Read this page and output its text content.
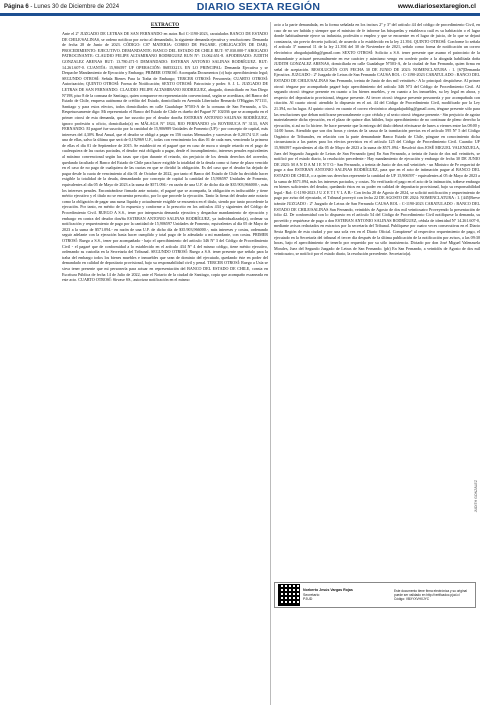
Página 6 - Lunes 30 de Diciembre de 2024	DIARIO SEXTA REGIÓN	www.diariosextaregion.cl
EXTRACTO

Ante el 2º JUZGADO DE LETRAS DE SAN FERNANDO en autos Rol C-1190-2023, caratulados BANCO DE ESTADO DE CHILE/SALINAS, se ordeno notificar por aviso al demandado, la siguiente demanda ejecutiva y resoluciones: Demanda de fecha 28 de Junio de 2023. CÓDIGO: C07 MATERIA: COBRO DE PAGARE. (OBLIGACIÓN DE DAR). PROCEDIMIENTO: EJECUTIVO. DEMANDANTE: BANCO DEL ESTADO DE CHILE RUT: 97.030.000-7 ABOGADO PATROCINANTE: CLAUDIO FELIPE ALTAMIRANO RODRIGUEZ RUN Nº: 13.062.651-8. APODERADO: JUDITH GONZALEZ ARENAS RUT: 13.780.471-5 DEMANDADO: ESTEBAN ANTONIO SALINAS RODRÍGUEZ. RUT: 14.261.607-0. CUANTÍA: 15,906597 UF OPERACIÓN: 868533213. EN LO PRINCIPAL: Demanda Ejecutiva y se Despache Mandamiento de Ejecución y Embargo; PRIMER OTROSÍ: Acompaña Documentos (o) bajo apercibimiento legal; SEGUNDO OTROSÍ: Señala Bienes Para la Traba de Embargo; TERCER OTROSÍ: Personería; CUARTO OTROSÍ: Autorización; QUINTO OTROSÍ: Forma de Notificación; SEXTO OTROSÍ: Patrocinio y poder. S. J. L. JUZGADO DE LETRAS DE SAN FERNANDO. CLAUDIO FELIPE ALTAMIRANO RODRIGUEZ, abogado, domiciliado en San Diego Nº198, piso 8 de la comuna de Santiago, quien comparece en representación convencional, según se acreditara, del Banco del Estado de Chile, empresa autónoma de crédito del Estado, domiciliado en Avenida Libertador Bernardo O'Higgins Nº1111, Santiago y para estos efectos, todos domiciliados en calle Guadalupe Nº503-A de la comuna de San Fernando, a Us. Respetuosamente digo: Mi representado el Banco del Estado de Chile es dueño del Pagaré Nº 102036 que se acompaña en el primer otrosí de esta demanda, que fue suscrito por el deudor don/ña ESTEBAN ANTONIO SALINAS RODRÍGUEZ, ignoro profesión u oficio, domiciliado(a) en MÁLAGA Nº 1824, RIO FERNANDO y/o BOYERUCA Nº 3133, SAN FERNANDO. El pagaré fue suscrito por la cantidad de 15,906989 Unidades de Fomento (UF).- por concepto de capital, más intereses del 4,30% Real Anual, que el deudor se obligó a pagar en 156 cuotas Mensuales y sucesivas de 0,20174 U.F. cada una de ellas, salvo la última que será de 0,192969 U.F., todas con vencimiento los días 01 de cada mes, venciendo la primera de ellas el día 01 de Septiembre de 2015. Se estableció en el pagaré que en caso de mora o simple retardo en el pago de cualesquiera de las cuotas pactadas, el deudor está obligado a pagar, desde el incumplimiento, intereses penales equivalentes al máximo convencional según las tasas que rijan durante el retardo, sin perjuicio de los demás derechos del acreedor, quedando facultado el Banco del Estado de Chile para hacer exigible la totalidad de la deuda como si fuese de plazo vencido en el caso de no pago de cualquiera de las cuotas en que se dividió la obligación. Es del caso que el deudor ha dejado de pagar desde la cuota de vencimiento al día 01 de Octubre de 2022, por tanto el Banco del Estado de Chile ha decidido hacer exigible la totalidad de la deuda, demandando por concepto de capital la cantidad de 15,906597 Unidades de Fomento, equivalentes al día 05 de Mayo de 2023 a la suma de $571.094.- en razón de una U.F. de dicho día de $35.903,966000.-, más los intereses penales. Encontrándose firmado ante notario, el pagaré que se acompaña, la obligación es indiscutible y tiene mérito ejecutivo y el título no se encuentra prescrito, por lo que procede la ejecución. Tanto la firma del deudor ante notario como la obligación de pagar una suma líquida y actualmente exigible se encuentra en el título, siendo por tanto procedente la ejecución. Por tanto, en mérito de lo expuesto y conforme a lo prescrito en los artículos 434 y siguientes del Código de Procedimiento Civil. RUEGO A S.S., tener por interpuesta demanda ejecutiva y despachar mandamiento de ejecución y embargo en contra del deudor don/ña ESTEBAN ANTONIO SALINAS RODRÍGUEZ, ya individualizado(a), ordenar su notificación y requerimiento de pago por la cantidad de 15,906597 Unidades de Fomento, equivalentes al día 05 de Mayo de 2023 a la suma de $571.094.- en razón de una U.F. de dicho día de $35.903,966000.-, más intereses y costas, ordenando seguir adelante con la ejecución hasta hacer cumplido y total pago de lo adeudado a mi mandante, con costas. PRIMER OTROSÍ: Ruego a S.S., tener por acompañado - bajo el apercibimiento del artículo 346 Nº 3 del Código de Procedimiento Civil - el pagaré que de conformidad a lo establecido en el artículo 434 Nº 4 del mismo código, tiene mérito ejecutivo, ordenando su custodia en la Secretaría del Tribunal. SEGUNDO OTROSÍ: Ruego a S.S. tener presente que señalo para la traba del embargo todos los bienes muebles e inmuebles que sean de dominio del ejecutado, quedando éste en poder del demandado en calidad de depositario provisional, bajo su responsabilidad civil y penal. TERCER OTROSÍ: Ruego a Usía se sirva tener presente que mi personería para actuar en representación del BANCO DEL ESTADO DE CHILE, consta en Escritura Pública de fecha 14 de Julio de 2022, ante el Notario de la ciudad de Santiago, copia que acompaño escaneada en este acto. CUARTO OTROSÍ: Sírvase SS., autorizar notificación en el mismo

acto a la parte demandada, en la forma señalada en los incisos 2º y 3º del artículo 44 del código de procedimiento Civil, en caso de no ser habida y siempre que el ministro de fe informe las búsquedas y establezca cuál es su habitación o el lugar donde habitualmente ejerce su industria, profesión o empleo y que se encuentre en el lugar de juicio, de lo que se dejará constancia, sin previo decreto judicial, de acuerdo a lo establecido en la ley 21.394. QUINTO OTROSÍ: Conforme lo señala el artículo 3º numeral 11 de la ley 21.394 del 30 de Noviembre de 2021, señalo como forma de notificación un correo electrónico abogadajudithg@gmail.com SEXTO OTROSÍ: Solicito a S.S. tener presente que asumo el patrocinio de la demandante y actuaré personalmente en ese carácter y asimismo vengo en conferir poder a la abogada habilitada doña JUDITH GONZALEZ ARENAS, domiciliada en calle Guadalupe Nº503-A, de la ciudad de San Fernando, quien firma en señal de aceptación. RESOLUCIÓN CON FECHA 30 DE JUNIO DE 2023: NOMENCLATURA : 1. [67]Demanda Ejecutiva. JUZGADO : 2º Juzgado de Letras de San Fernando CAUSA ROL : C-1190-2023 CARATULADO : BANCO DEL ESTADO DE CHILE/SALINAS San Fernando, treinta de Junio de dos mil veintitrés.- A lo principal: despáchese. Al primer otrosí: téngase por acompañado pagaré bajo apercibimiento del artículo 346 Nº3 del Código de Procedimiento Civil. Al segundo otrosí: téngase presente en cuanto a los bienes muebles, y en cuanto a los inmuebles, su ley legal en ahora, y respecto del depositario provisional, téngase presente. Al tercer otrosí: téngase presente personería y por acompañada con citación. Al cuarto otrosí: atendido lo dispuesto en el art. 44 del Código de Procedimiento Civil, modificado por la Ley 21.394, no ha lugar. Al quinto otrosí: en cuanto el correo electrónico abogadajudithg@gmail.com, téngase presente sólo para las resoluciones que deban notificarse personalmente o por cédula y al sexto otrosí: téngase presente.- Sin perjuicio de agotar materialmente dicha ejecución, en el plazo de quince días hábiles, bajo apercibimiento de no continuar de pleno derecho la ejecución, si así no lo hiciere. Se hace presente que la entrega del título deberá efectuarse de lunes a viernes entre las 08:00 y 14:00 horas. Atendido que son dos horas y ciertas de la causa de la tramitación previas en el artículo 595 Nº 5 del Código Orgánico de Tribunales, en relación con la parte demandante Banco Estado de Chile, póngase en conocimiento dicha circunstancia a las partes para los efectos previstos en el artículo 125 del Código de Procedimiento Civil. Cuantía: UF 15,906597 equivalentes al día 05 de Mayo de 2023 a la suma de $571.094.- Resolvió don JOSÉ MIGUEL VALENZUELA, Juez del Segundo Juzgado de Letras de San Fernando (pm) En San Fernando, a treinta de Junio de dos mil veintitrés, se notificó por el estado diario, la resolución precedente.- Hay mandamiento de ejecución y embargo de fecha 30 DE JUNIO DE 2023: M A N D A M I E N T O.- San Fernando, a treinta de Junio de dos mil veintitrés - un Ministro de Fe requerirá de pago a don ESTEBAN ANTONIO SALINAS RODRÍGUEZ, para que en el acto de intimación pague al BANCO DEL ESTADO DE CHILE, o a quien sus derechos represente la cantidad de UF 15,906597 - equivalentes al 05 de Mayo de 2023 a la suma de $571.094, más los intereses pactados, y costas. No verificado el pago en el acto de la intimación, trábese embargo en bienes suficientes del deudor, quedando éstos en su poder en calidad de depositario provisional, bajo su responsabilidad legal.- Rol: C-1190-2023 J U Z E T I V L A B.- Con fecha 20 de Agosto de 2024, se solicitó notificación y requerimiento de pago por aviso del ejecutado, el Tribunal proveyó con fecha 22 DE AGOSTO DE 2024: NOMENCLATURA : 1. [445]Breve trámite JUZGADO : 2º Juzgado de Letras de San Fernando CAUSA ROL : C-1190-2023 CARATULADO : BANCO DEL ESTADO DE CHILE/SALINAS San Fernando, veintidós de Agosto de dos mil veinticuatro Proveyendo la presentación de folio 42. De conformidad con lo dispuesto en el artículo 54 del Código de Procedimiento Civil notifíquese la demanda, su proveído y requiérase de pago a don ESTEBAN ANTONIO SALINAS RODRÍGUEZ, cédula de identidad Nº 14.261.607-0, mediante avisos redactados en extractos por la secretaría del Tribunal. Publíquese por cuatro veces consecutivas en el Diario Sexta Región de esta ciudad y por una sola vez en el Diario Oficial. Compáreseª al respectivo requerimiento de pago, el ejecutado en la Secretaría del tribunal el tercer día después de la última publicación de la notificación por avisos, a las 09:30 horas, bajo el apercibimiento de tenerlo por requerido por su sólo inasistencia. Dictado por don José Miguel Valenzuela Morales, Juez del Segundo Juzgado de Letras de San Fernando. (pb) En San Fernando, a veintidós de Agosto de dos mil veinticuatro, se notificó por el estado diario, la resolución precedente. Secretario(a).

Norberto Jesús Vargas Rojas
Secretario
PJUD
Este documento tiene firma electrónica y su original puede ser validado en http://verificadoc.pjud.cl
Código: VBXYXVHXJYC
JUDITH GONZÁLEZ
